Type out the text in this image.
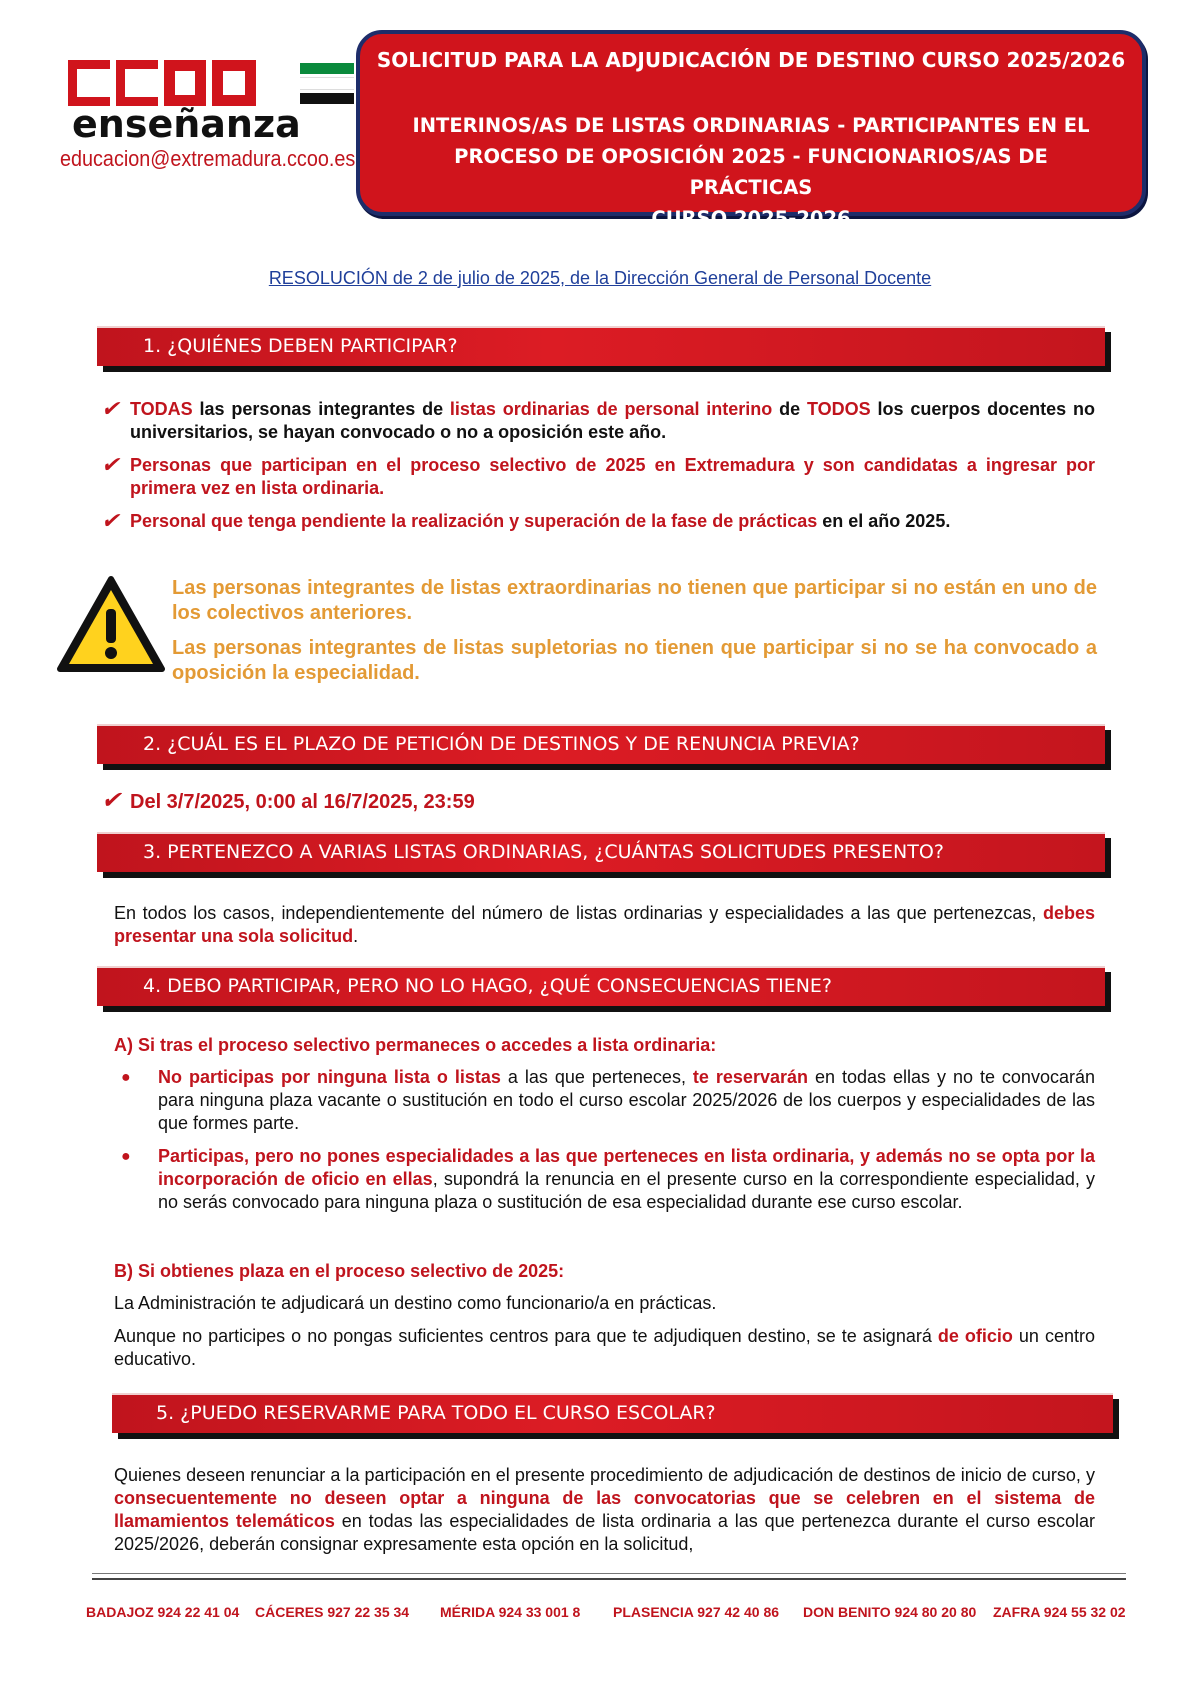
enseñanza
educacion@extremadura.ccoo.es
SOLICITUD PARA LA ADJUDICACIÓN DE DESTINO CURSO 2025/2026
INTERINOS/AS DE LISTAS ORDINARIAS - PARTICIPANTES EN EL
PROCESO DE OPOSICIÓN 2025 - FUNCIONARIOS/AS DE PRÁCTICAS
CURSO 2025-2026
RESOLUCIÓN de 2 de julio de 2025, de la Dirección General de Personal Docente
1. ¿QUIÉNES DEBEN PARTICIPAR?
✔ TODAS las personas integrantes de listas ordinarias de personal interino de TODOS los cuerpos docentes no universitarios, se hayan convocado o no a oposición este año.
✔ Personas que participan en el proceso selectivo de 2025 en Extremadura y son candidatas a ingresar por primera vez en lista ordinaria.
✔ Personal que tenga pendiente la realización y superación de la fase de prácticas en el año 2025.
Las personas integrantes de listas extraordinarias no tienen que participar si no están en uno de los colectivos anteriores.
Las personas integrantes de listas supletorias no tienen que participar si no se ha convocado a oposición la especialidad.
2. ¿CUÁL ES EL PLAZO DE PETICIÓN DE DESTINOS Y DE RENUNCIA PREVIA?
✔ Del 3/7/2025, 0:00 al 16/7/2025, 23:59
3. PERTENEZCO A VARIAS LISTAS ORDINARIAS, ¿CUÁNTAS SOLICITUDES PRESENTO?
En todos los casos, independientemente del número de listas ordinarias y especialidades a las que pertenezcas, debes presentar una sola solicitud.
4. DEBO PARTICIPAR, PERO NO LO HAGO, ¿QUÉ CONSECUENCIAS TIENE?
A) Si tras el proceso selectivo permaneces o accedes a lista ordinaria:
● No participas por ninguna lista o listas a las que perteneces, te reservarán en todas ellas y no te convocarán para ninguna plaza vacante o sustitución en todo el curso escolar 2025/2026 de los cuerpos y especialidades de las que formes parte.
● Participas, pero no pones especialidades a las que perteneces en lista ordinaria, y además no se opta por la incorporación de oficio en ellas, supondrá la renuncia en el presente curso en la correspondiente especialidad, y no serás convocado para ninguna plaza o sustitución de esa especialidad durante ese curso escolar.
B) Si obtienes plaza en el proceso selectivo de 2025:
La Administración te adjudicará un destino como funcionario/a en prácticas.
Aunque no participes o no pongas suficientes centros para que te adjudiquen destino, se te asignará de oficio un centro educativo.
5. ¿PUEDO RESERVARME PARA TODO EL CURSO ESCOLAR?
Quienes deseen renunciar a la participación en el presente procedimiento de adjudicación de destinos de inicio de curso, y consecuentemente no deseen optar a ninguna de las convocatorias que se celebren en el sistema de llamamientos telemáticos en todas las especialidades de lista ordinaria a las que pertenezca durante el curso escolar 2025/2026, deberán consignar expresamente esta opción en la solicitud,
BADAJOZ 924 22 41 04 CÁCERES 927 22 35 34 MÉRIDA 924 33 001 8 PLASENCIA 927 42 40 86 DON BENITO 924 80 20 80 ZAFRA 924 55 32 02
